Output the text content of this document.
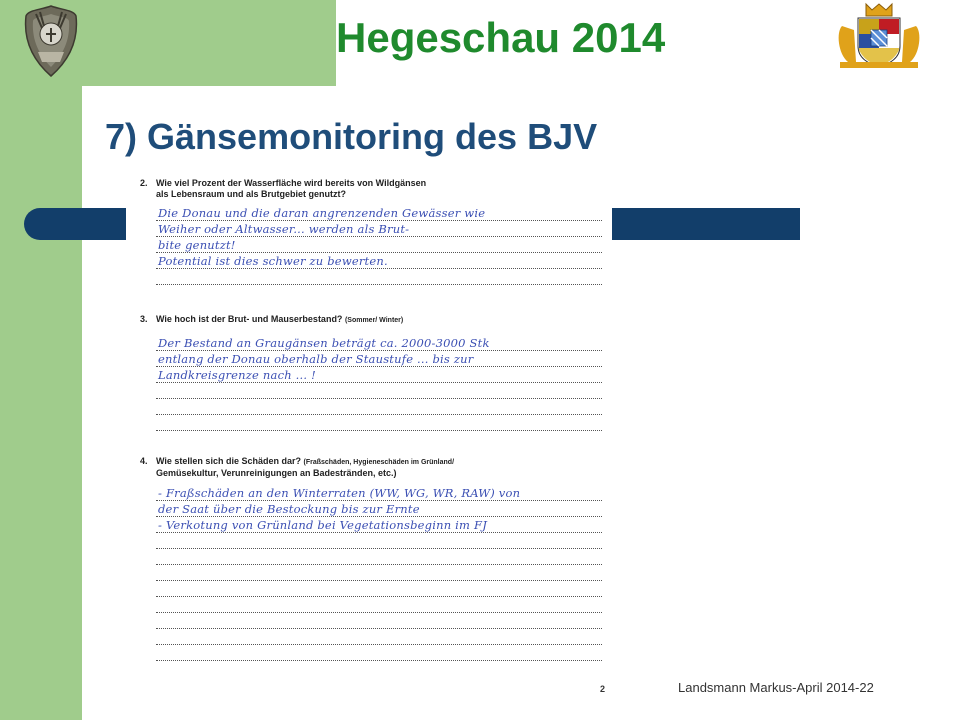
Hegeschau 2014
7) Gänsemonitoring des BJV
2. Wie viel Prozent der Wasserfläche wird bereits von Wildgänsen
als Lebensraum und als Brutgebiet genutzt?
Die Donau und die daran angrenzenden Gewässer wie
Weiher oder Altwasser... werden als Brut-
bite genutzt!
Potential ist dies schwer zu bewerten.
3. Wie hoch ist der Brut- und Mauserbestand? (Sommer/ Winter)
Der Bestand an Graugänsen beträgt ca. 2000-3000 Stk
entlang der Donau oberhalb der Staustufe ... bis zur
Landkreisgrenze nach ... !
4. Wie stellen sich die Schäden dar? (Fraßschäden, Hygieneschäden im Grünland/
Gemüsekultur, Verunreinigungen an Badestränden, etc.)
- Fraßschäden an den Winterraten (WW, WG, WR, RAW) von
der Saat über die Bestockung bis zur Ernte
- Verkotung von Grünland bei Vegetationsbeginn im FJ
2	Landsmann Markus-April 2014-22
